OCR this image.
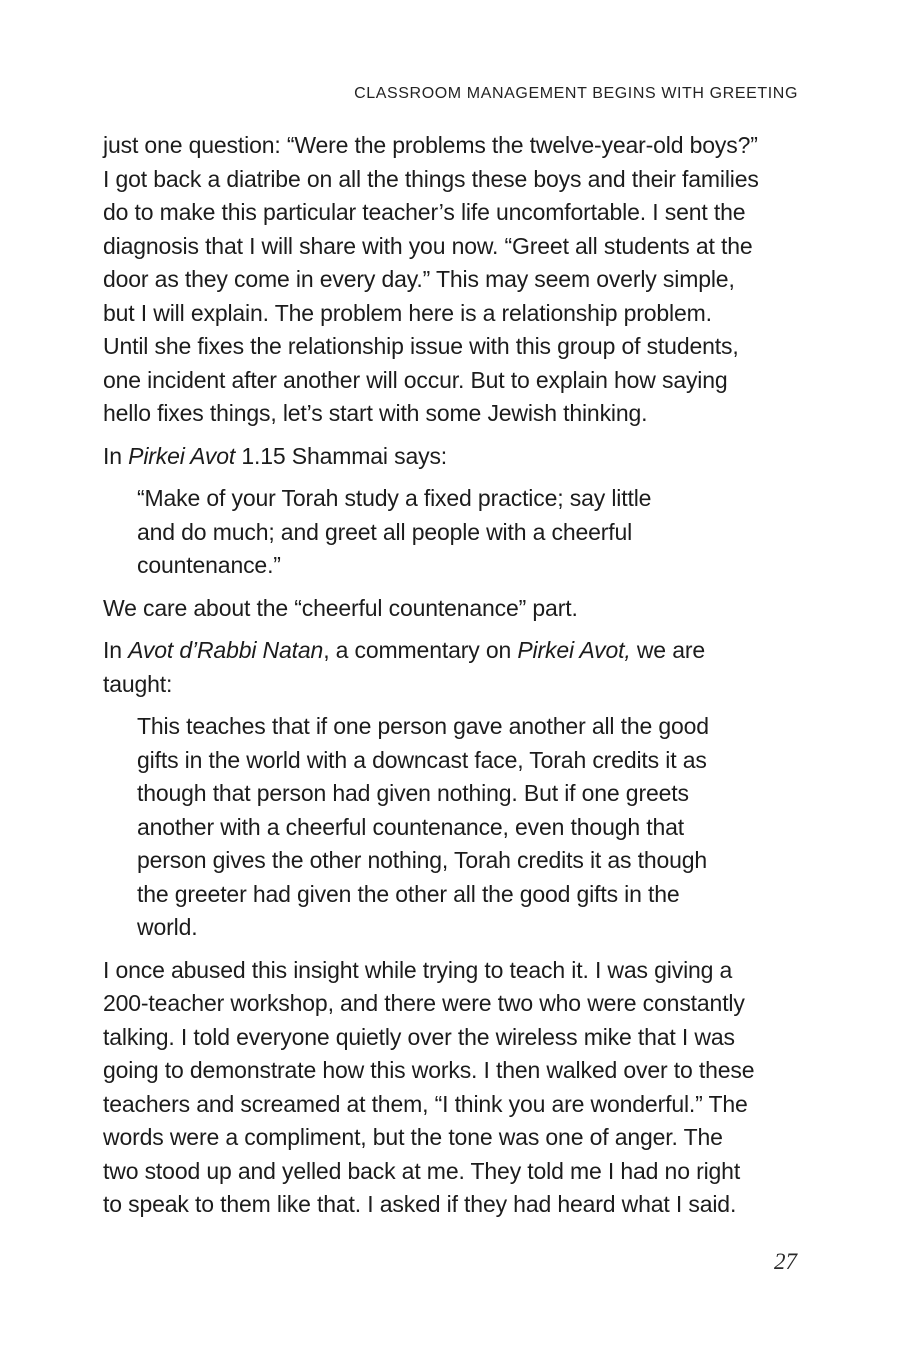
CLASSROOM MANAGEMENT BEGINS WITH GREETING
just one question: “Were the problems the twelve-year-old boys?”
I got back a diatribe on all the things these boys and their families
do to make this particular teacher’s life uncomfortable. I sent the
diagnosis that I will share with you now. “Greet all students at the
door as they come in every day.” This may seem overly simple,
but I will explain. The problem here is a relationship problem.
Until she fixes the relationship issue with this group of students,
one incident after another will occur. But to explain how saying
hello fixes things, let’s start with some Jewish thinking.
In Pirkei Avot 1.15 Shammai says:
“Make of your Torah study a fixed practice; say little
and do much; and greet all people with a cheerful
countenance.”
We care about the “cheerful countenance” part.
In Avot d’Rabbi Natan, a commentary on Pirkei Avot, we are
taught:
This teaches that if one person gave another all the good
gifts in the world with a downcast face, Torah credits it as
though that person had given nothing. But if one greets
another with a cheerful countenance, even though that
person gives the other nothing, Torah credits it as though
the greeter had given the other all the good gifts in the
world.
I once abused this insight while trying to teach it. I was giving a
200-teacher workshop, and there were two who were constantly
talking. I told everyone quietly over the wireless mike that I was
going to demonstrate how this works. I then walked over to these
teachers and screamed at them, “I think you are wonderful.” The
words were a compliment, but the tone was one of anger. The
two stood up and yelled back at me. They told me I had no right
to speak to them like that. I asked if they had heard what I said.
27
